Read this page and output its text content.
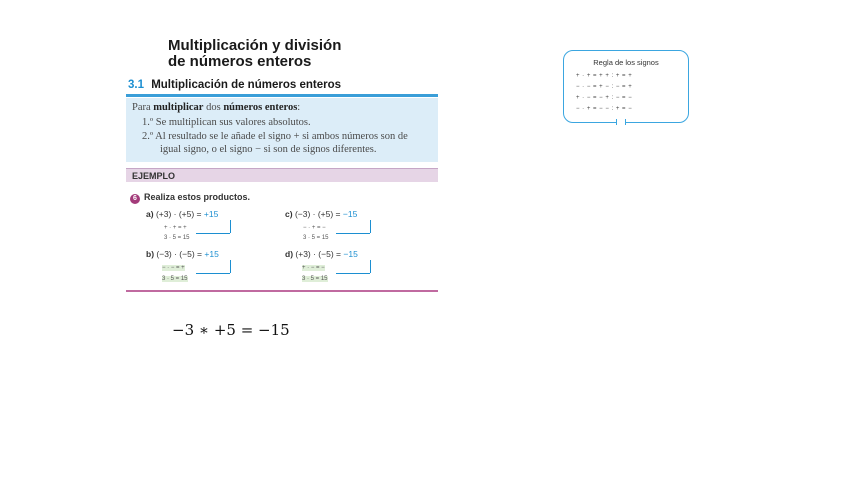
Multiplicación y división
de números enteros
3.1 Multiplicación de números enteros
Para multiplicar dos números enteros:
1.º Se multiplican sus valores absolutos.
2.º Al resultado se le añade el signo + si ambos números son de
igual signo, o el signo − si son de signos diferentes.
EJEMPLO
6 Realiza estos productos.
a) (+3) · (+5) = +15
+ · + = +
3 · 5 = 15
c) (−3) · (+5) = −15
− · + = −
3 · 5 = 15
b) (−3) · (−5) = +15
− · − = +
3 · 5 = 15
d) (+3) · (−5) = −15
+ · − = −
3 · 5 = 15
Regla de los signos
+ · + = + + : + = +
− · − = + − : − = +
+ · − = − + : − = −
− · + = − − : + = −
−3 ∗ +5 = −15
